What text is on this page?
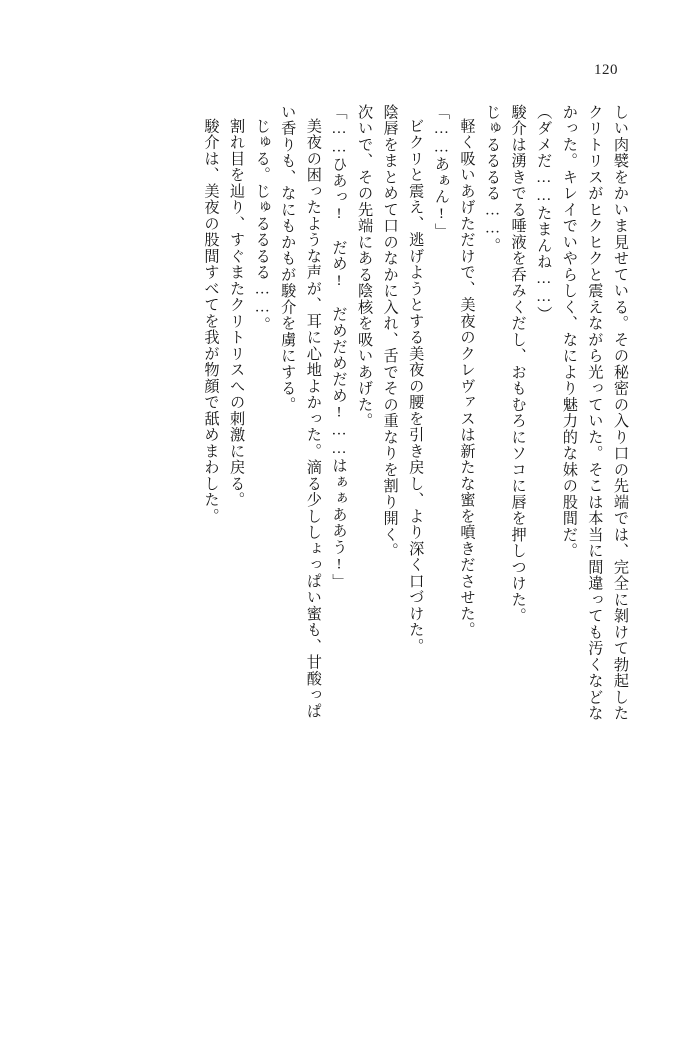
120
しい肉襞をかいま見せている。その秘密の入り口の先端では、完全に剝けて勃起した
クリトリスがヒクヒクと震えながら光っていた。そこは本当に間違っても汚くなどな
かった。キレイでいやらしく、なにより魅力的な妹の股間だ。
（ダメだ……たまんね……）
駿介は湧きでる唾液を呑みくだし、おもむろにソコに唇を押しつけた。
じゅるるるる……。
軽く吸いあげただけで、美夜のクレヴァスは新たな蜜を噴きださせた。
「……あぁん!」
ビクリと震え、逃げようとする美夜の腰を引き戻し、より深く口づけた。
陰唇をまとめて口のなかに入れ、舌でその重なりを割り開く。
次いで、その先端にある陰核を吸いあげた。
「……ひあっ!　だめ!　だめだめだめ!……はぁぁああう!」
美夜の困ったような声が、耳に心地よかった。滴る少ししょっぱい蜜も、甘酸っぱ
い香りも、なにもかもが駿介を虜にする。
じゅる。じゅるるるる……。
割れ目を辿り、すぐまたクリトリスへの刺激に戻る。
駿介は、美夜の股間すべてを我が物顔で舐めまわした。
